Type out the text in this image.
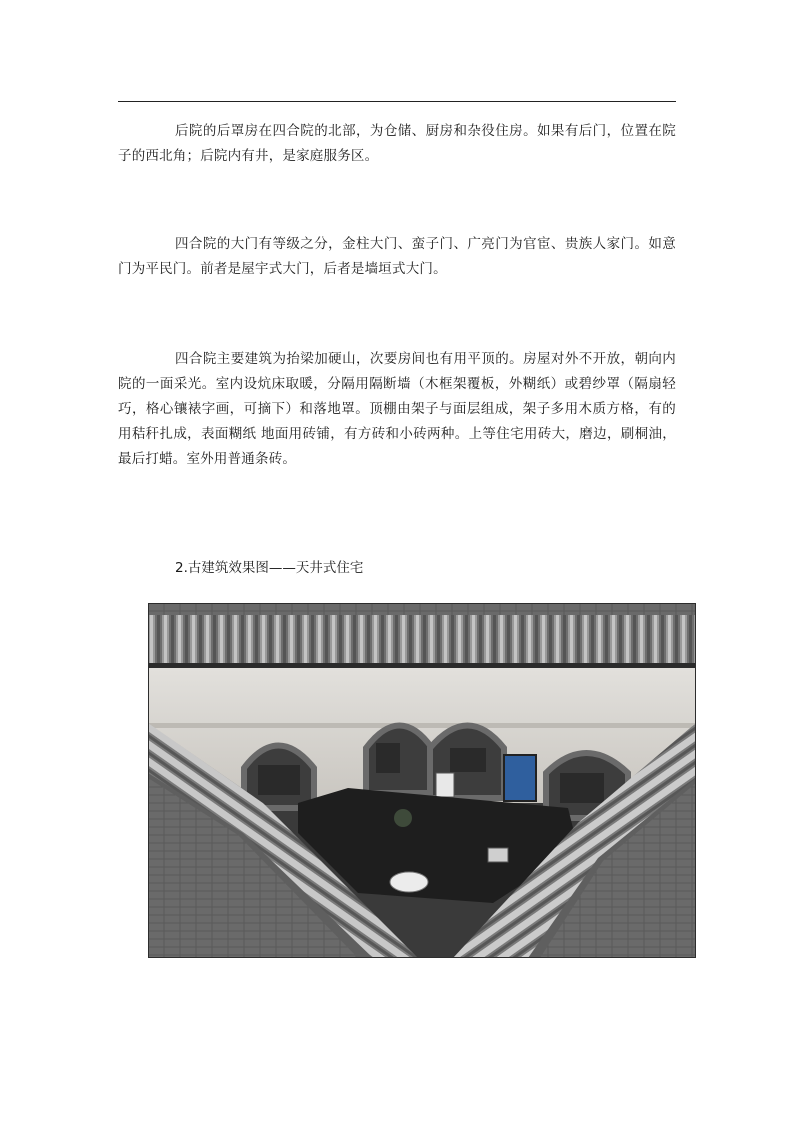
后院的后罩房在四合院的北部，为仓储、厨房和杂役住房。如果有后门，位置在院子的西北角；后院内有井，是家庭服务区。

四合院的大门有等级之分，金柱大门、蛮子门、广亮门为官宦、贵族人家门。如意门为平民门。前者是屋宇式大门，后者是墙垣式大门。

四合院主要建筑为抬梁加硬山，次要房间也有用平顶的。房屋对外不开放，朝向内院的一面采光。室内设炕床取暖，分隔用隔断墙（木框架覆板，外糊纸）或碧纱罩（隔扇轻巧，格心镶裱字画，可摘下）和落地罩。顶棚由架子与面层组成，架子多用木质方格，有的用秸秆扎成，表面糊纸 地面用砖铺，有方砖和小砖两种。上等住宅用砖大，磨边，刷桐油，最后打蜡。室外用普通条砖。

2.古建筑效果图——天井式住宅
